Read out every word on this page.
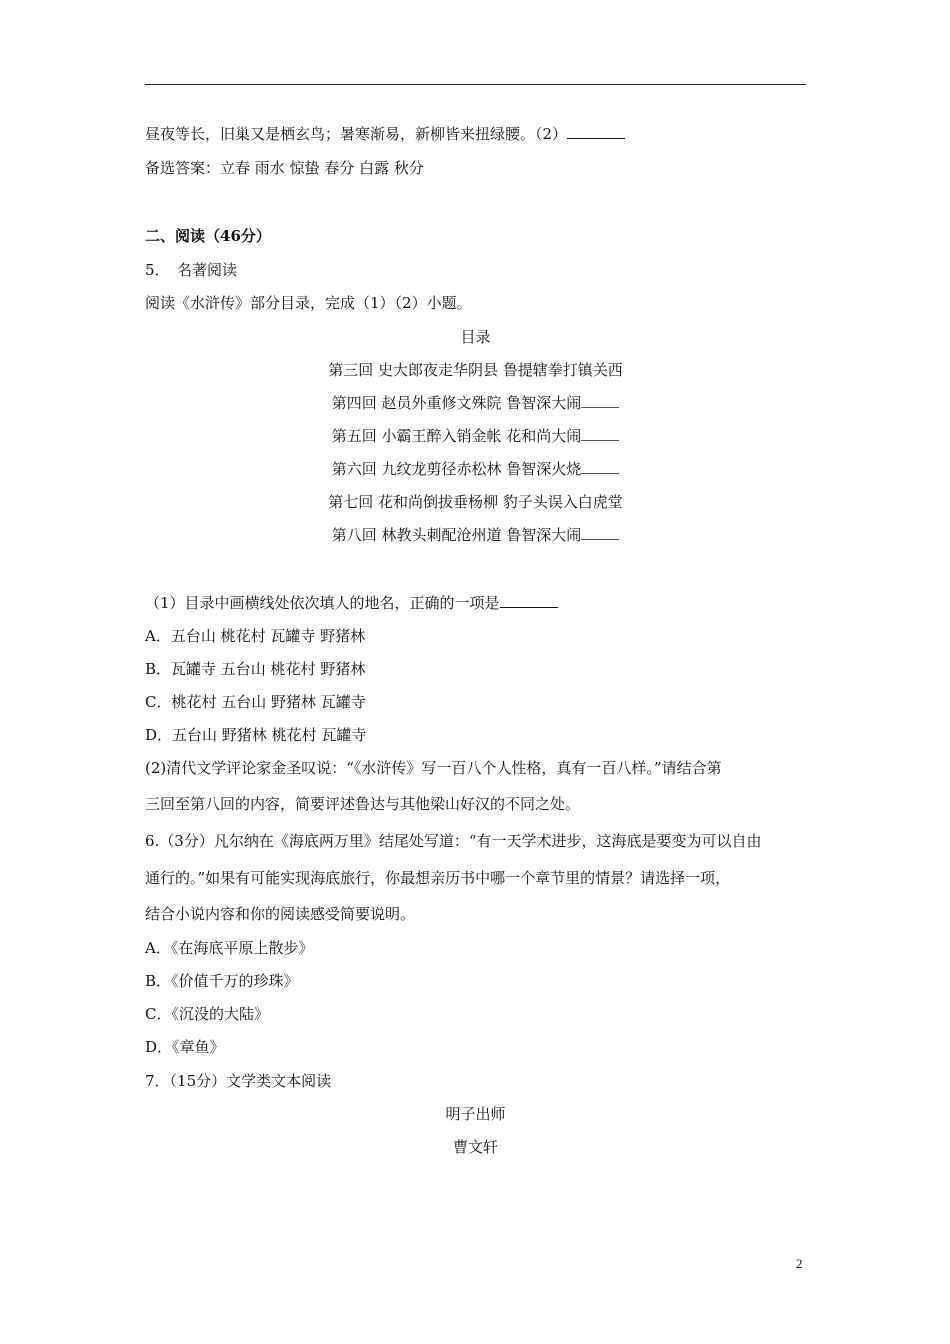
昼夜等长，旧巢又是栖玄鸟；暑寒渐易，新柳皆来扭绿腰。（2）
备选答案：立春 雨水 惊蛰 春分 白露 秋分
二、阅读（46分）
5．　名著阅读
阅读《水浒传》部分目录，完成（1）（2）小题。
目录
第三回 史大郎夜走华阴县 鲁提辖拳打镇关西
第四回 赵员外重修文殊院 鲁智深大闹
第五回 小霸王醉入销金帐 花和尚大闹
第六回 九纹龙剪径赤松林 鲁智深火烧
第七回 花和尚倒拔垂杨柳 豹子头误入白虎堂
第八回 林教头刺配沧州道 鲁智深大闹
（1）目录中画横线处依次填人的地名，正确的一项是
A．五台山 桃花村 瓦罐寺 野猪林
B．瓦罐寺 五台山 桃花村 野猪林
C．桃花村 五台山 野猪林 瓦罐寺
D．五台山 野猪林 桃花村 瓦罐寺
(2)清代文学评论家金圣叹说：“《水浒传》写一百八个人性格，真有一百八样。”请结合第
三回至第八回的内容，简要评述鲁达与其他梁山好汉的不同之处。
6.（3分）凡尔纳在《海底两万里》结尾处写道：“有一天学术进步，这海底是要变为可以自由
通行的。”如果有可能实现海底旅行，你最想亲历书中哪一个章节里的情景？请选择一项，
结合小说内容和你的阅读感受简要说明。
A．《在海底平原上散步》
B．《价值千万的珍珠》
C．《沉没的大陆》
D．《章鱼》
7．（15分）文学类文本阅读
明子出师
曹文轩
2
